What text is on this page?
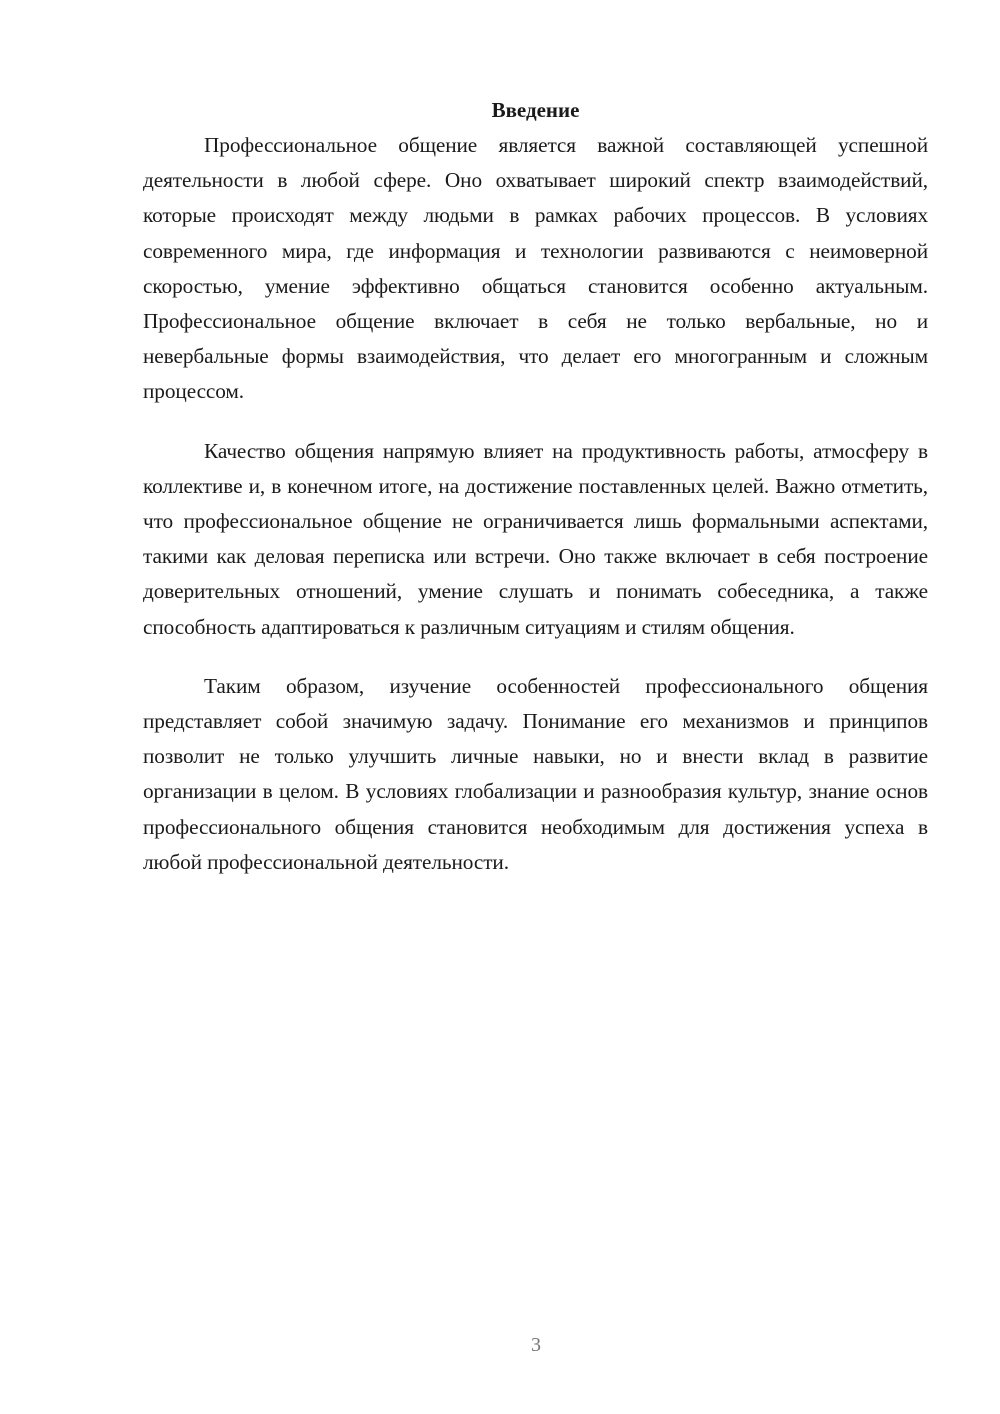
Введение

Профессиональное общение является важной составляющей успешной деятельности в любой сфере. Оно охватывает широкий спектр взаимодействий, которые происходят между людьми в рамках рабочих процессов. В условиях современного мира, где информация и технологии развиваются с неимоверной скоростью, умение эффективно общаться становится особенно актуальным. Профессиональное общение включает в себя не только вербальные, но и невербальные формы взаимодействия, что делает его многогранным и сложным процессом.

Качество общения напрямую влияет на продуктивность работы, атмосферу в коллективе и, в конечном итоге, на достижение поставленных целей. Важно отметить, что профессиональное общение не ограничивается лишь формальными аспектами, такими как деловая переписка или встречи. Оно также включает в себя построение доверительных отношений, умение слушать и понимать собеседника, а также способность адаптироваться к различным ситуациям и стилям общения.

Таким образом, изучение особенностей профессионального общения представляет собой значимую задачу. Понимание его механизмов и принципов позволит не только улучшить личные навыки, но и внести вклад в развитие организации в целом. В условиях глобализации и разнообразия культур, знание основ профессионального общения становится необходимым для достижения успеха в любой профессиональной деятельности.

3
